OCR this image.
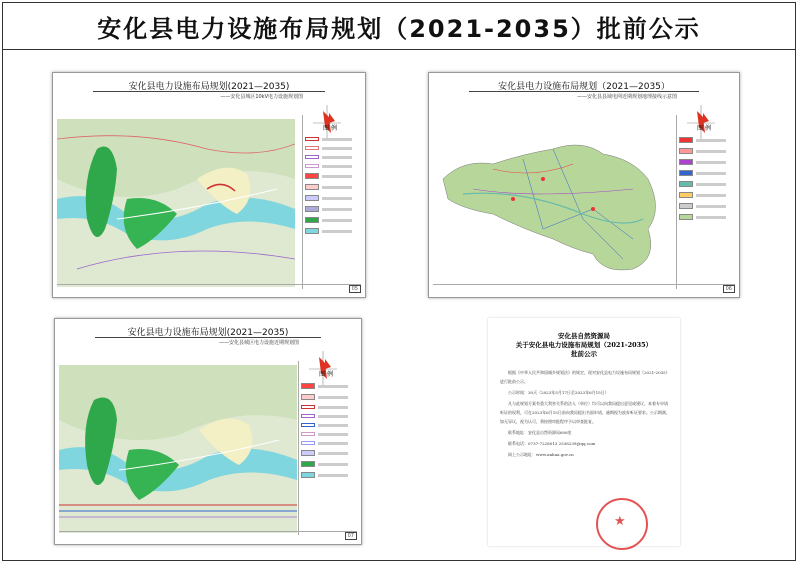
安化县电力设施布局规划（2021-2035）批前公示
安化县电力设施布局规划(2021—2035)
——安化县城区10kV电力设施规划图
图 例
05
安化县电力设施布局规划（2021—2035）
——安化县县域电网近期规划地理接线示意图
图 例
06
安化县电力设施布局规划(2021—2035)
——安化县城区电力设施近期规划图
图 例
07
安化县自然资源局
关于安化县电力设施布局规划（2021-2035）
批前公示

根据《中华人民共和国城乡规划法》的规定，现对安化县电力设施布局规划（2021-2035）进行批前公示。

公示时间：30天（2023年5月17日至2023年6月15日）

凡与此规划方案有重大利害关系的法人（单位）均可以向我局提出意见或建议，本着专申请听证的权利，可在2023年6月15日前向我局提出书面申请，逾期视为放弃听证要求。公示期满，如无异议，视为认可，将按照审批程序予以审查批复。

联系地址：安化县自然资源局608室

联系电话：0737-7228013 2538239@qq.com

网上公示地址：www.anhua.gov.cn

★
